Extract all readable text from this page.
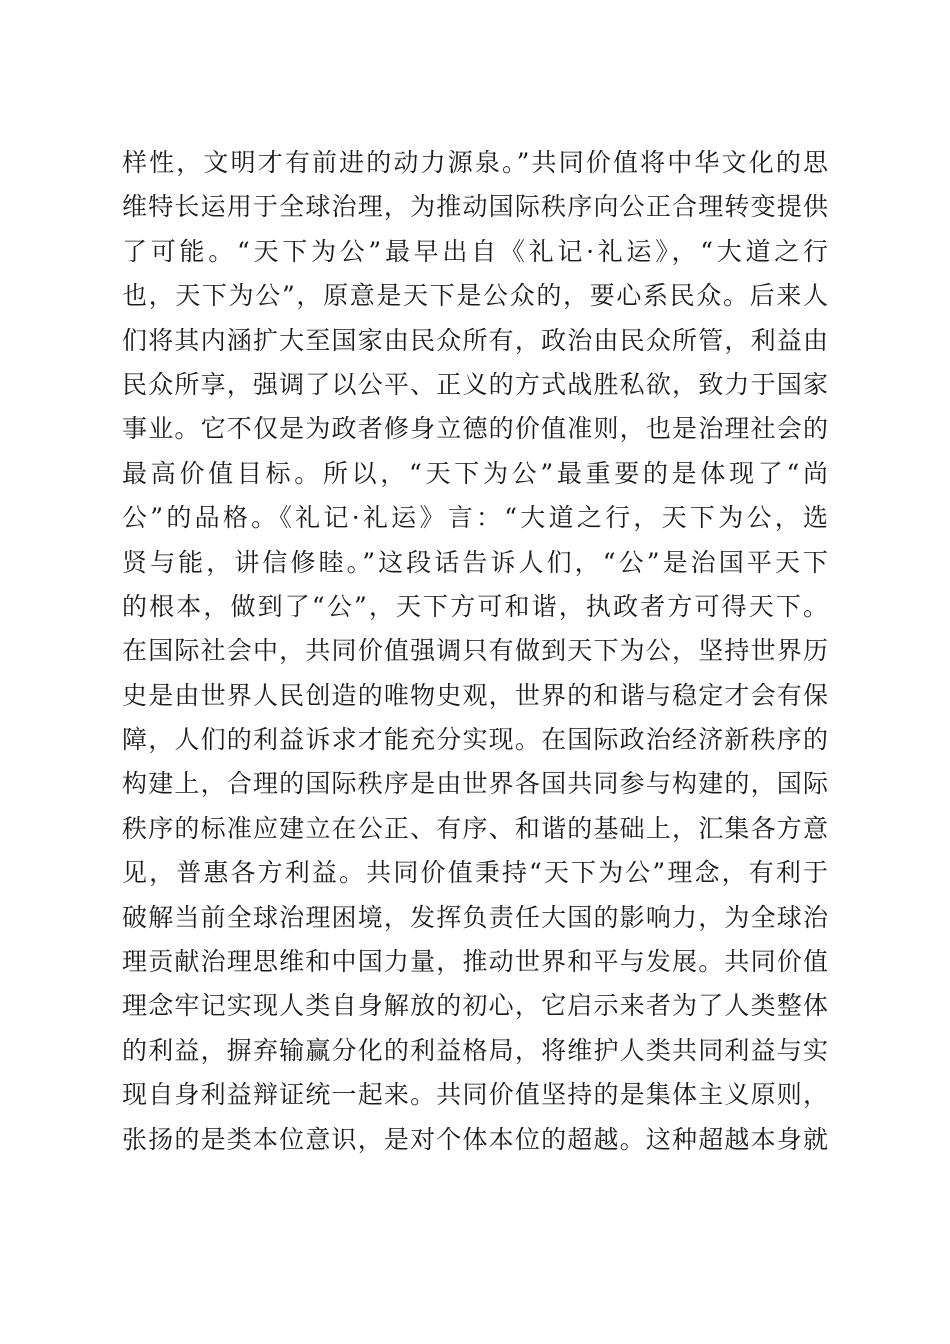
样性，文明才有前进的动力源泉。”共同价值将中华文化的思
维特长运用于全球治理，为推动国际秩序向公正合理转变提供
了可能。“天下为公”最早出自《礼记·礼运》，“大道之行
也，天下为公”，原意是天下是公众的，要心系民众。后来人
们将其内涵扩大至国家由民众所有，政治由民众所管，利益由
民众所享，强调了以公平、正义的方式战胜私欲，致力于国家
事业。它不仅是为政者修身立德的价值准则，也是治理社会的
最高价值目标。所以，“天下为公”最重要的是体现了“尚
公”的品格。《礼记·礼运》言：“大道之行，天下为公，选
贤与能，讲信修睦。”这段话告诉人们，“公”是治国平天下
的根本，做到了“公”，天下方可和谐，执政者方可得天下。
在国际社会中，共同价值强调只有做到天下为公，坚持世界历
史是由世界人民创造的唯物史观，世界的和谐与稳定才会有保
障，人们的利益诉求才能充分实现。在国际政治经济新秩序的
构建上，合理的国际秩序是由世界各国共同参与构建的，国际
秩序的标准应建立在公正、有序、和谐的基础上，汇集各方意
见，普惠各方利益。共同价值秉持“天下为公”理念，有利于
破解当前全球治理困境，发挥负责任大国的影响力，为全球治
理贡献治理思维和中国力量，推动世界和平与发展。共同价值
理念牢记实现人类自身解放的初心，它启示来者为了人类整体
的利益，摒弃输赢分化的利益格局，将维护人类共同利益与实
现自身利益辩证统一起来。共同价值坚持的是集体主义原则，
张扬的是类本位意识，是对个体本位的超越。这种超越本身就
